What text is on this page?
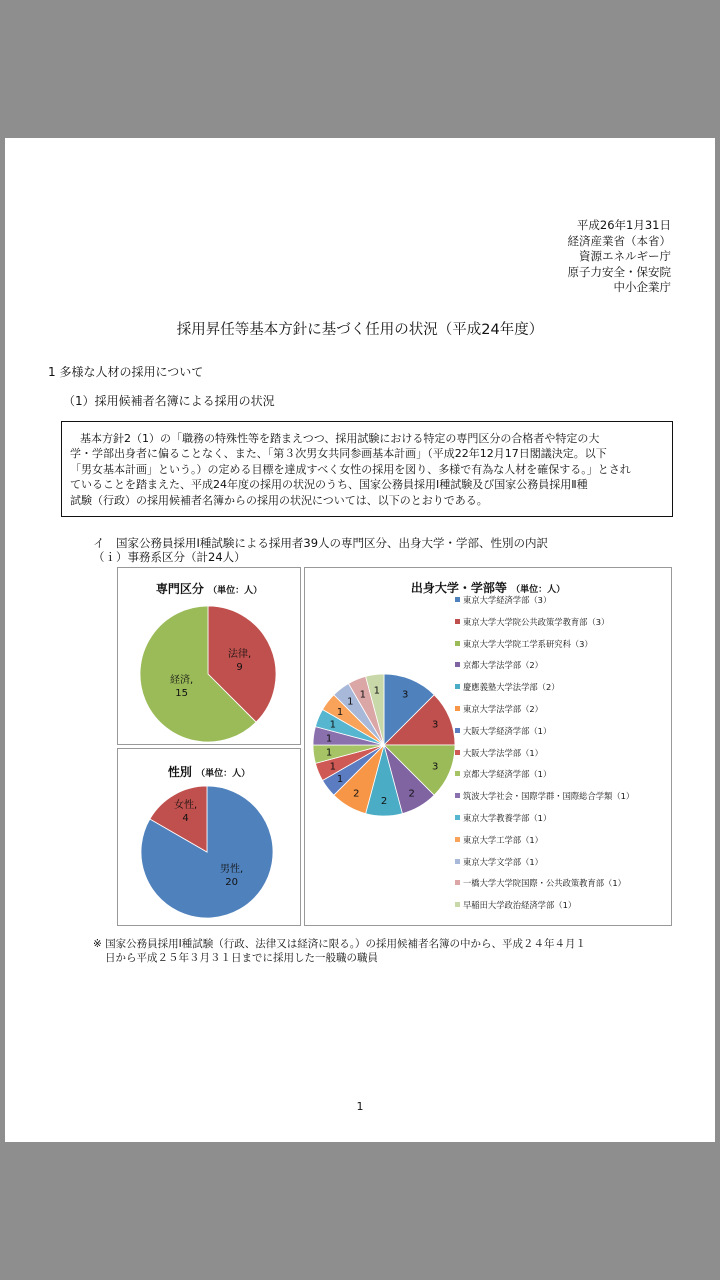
平成26年1月31日
経済産業省（本省）
資源エネルギー庁
原子力安全・保安院
中小企業庁
採用昇任等基本方針に基づく任用の状況（平成24年度）
1 多様な人材の採用について
（1）採用候補者名簿による採用の状況
基本方針2（1）の「職務の特殊性等を踏まえつつ、採用試験における特定の専門区分の合格者や特定の大
学・学部出身者に偏ることなく、また、「第３次男女共同参画基本計画」（平成22年12月17日閣議決定。以下
「男女基本計画」という。）の定める目標を達成すべく女性の採用を図り、多様で有為な人材を確保する。」とされ
ていることを踏まえた、平成24年度の採用の状況のうち、国家公務員採用Ⅰ種試験及び国家公務員採用Ⅱ種
試験（行政）の採用候補者名簿からの採用の状況については、以下のとおりである。
イ　国家公務員採用Ⅰ種試験による採用者39人の専門区分、出身大学・学部、性別の内訳
（ｉ）事務系区分（計24人）
専門区分 （単位：人）
法律,
9
経済,
15
性別 （単位：人）
男性,
20
女性,
4
出身大学・学部等 （単位：人）
3
3
3
2
2
2
1
1
1
1
1
1
1
1 1
東京大学経済学部（3）
東京大学大学院公共政策学教育部（3）
東京大学大学院工学系研究科（3）
京都大学法学部（2）
慶應義塾大学法学部（2）
東京大学法学部（2）
大阪大学経済学部（1）
大阪大学法学部（1）
京都大学経済学部（1）
筑波大学社会・国際学群・国際総合学類（1）
東京大学教養学部（1）
東京大学工学部（1）
東京大学文学部（1）
一橋大学大学院国際・公共政策教育部（1）
早稲田大学政治経済学部（1）
※ 国家公務員採用Ⅰ種試験（行政、法律又は経済に限る。）の採用候補者名簿の中から、平成２４年４月１
日から平成２５年３月３１日までに採用した一般職の職員
1
